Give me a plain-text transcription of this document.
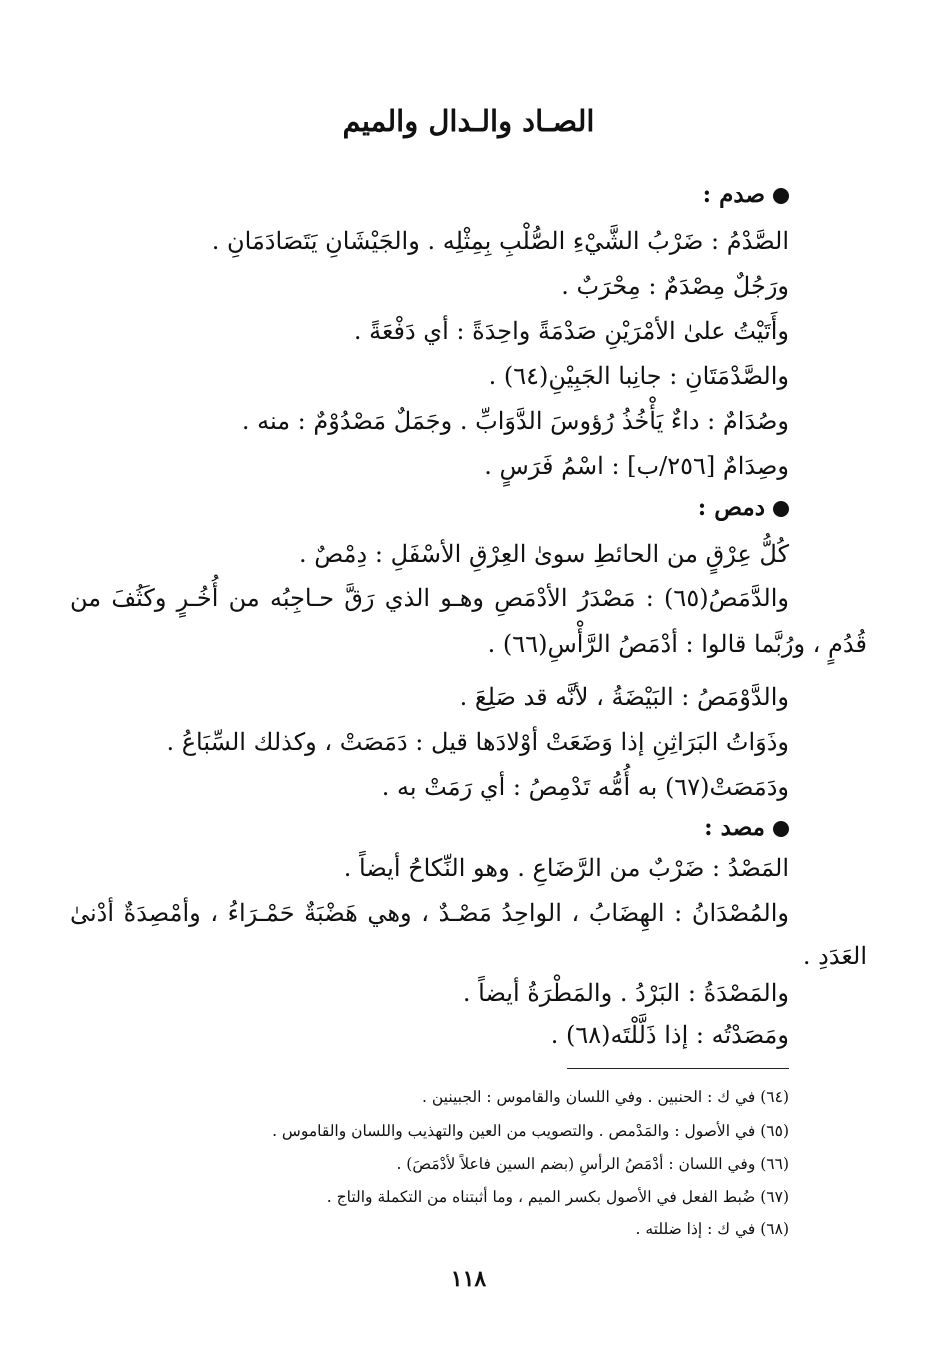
الصـاد والـدال والميم
صدم :
الصَّدْمُ : ضَرْبُ الشَّيْءِ الصُّلْبِ بِمِثْلِه . والجَيْشَانِ يَتَصَادَمَانِ .
ورَجُلٌ مِصْدَمٌ : مِحْرَبٌ .
وأَتَيْتُ علىٰ الأمْرَيْنِ صَدْمَةً واحِدَةً : أي دَفْعَةً .
والصَّدْمَتَانِ : جانِبا الجَبِيْنِ(٦٤) .
وصُدَامٌ : داءٌ يَأْخُذُ رُؤوسَ الدَّوَابِّ . وجَمَلٌ مَصْدُوْمٌ : منه .
وصِدَامٌ [٢٥٦/ب] : اسْمُ فَرَسٍ .
دمص :
كُلُّ عِرْقٍ من الحائطِ سوىٰ العِرْقِ الأسْفَلِ : دِمْصٌ .
والدَّمَصُ(٦٥) : مَصْدَرُ الأدْمَصِ وهـو الذي رَقَّ حـاجِبُه من أُخُـرٍ وكَثُفَ من
قُدُمٍ ، ورُبَّما قالوا : أدْمَصُ الرَّأْسِ(٦٦) .
والدَّوْمَصُ : البَيْضَةُ ، لأنَّه قد صَلِعَ .
وذَوَاتُ البَرَاثِنِ إذا وَضَعَتْ أوْلادَها قيل : دَمَصَتْ ، وكذلك السِّبَاعُ .
ودَمَصَتْ(٦٧) به أُمُّه تَدْمِصُ : أي رَمَتْ به .
مصد :
المَصْدُ : ضَرْبٌ من الرَّضَاعِ . وهو النِّكاحُ أيضاً .
والمُصْدَانُ : الهِضَابُ ، الواحِدُ مَصْـدٌ ، وهي هَضْبَةٌ حَمْـرَاءُ ، وأمْصِدَةٌ أدْنىٰ
العَدَدِ .
والمَصْدَةُ : البَرْدُ . والمَطْرَةُ أيضاً .
ومَصَدْتُه : إذا ذَلَّلْتَه(٦٨) .
(٦٤) في ك : الحنبين . وفي اللسان والقاموس : الجبينين .
(٦٥) في الأصول : والمَدْمص . والتصويب من العين والتهذيب واللسان والقاموس .
(٦٦) وفي اللسان : أدْمَصُ الرأسِ (بضم السين فاعلاً لأدْمَصَ) .
(٦٧) ضُبط الفعل في الأصول بكسر الميم ، وما أثبتناه من التكملة والتاج .
(٦٨) في ك : إذا ضللته .
١١٨
